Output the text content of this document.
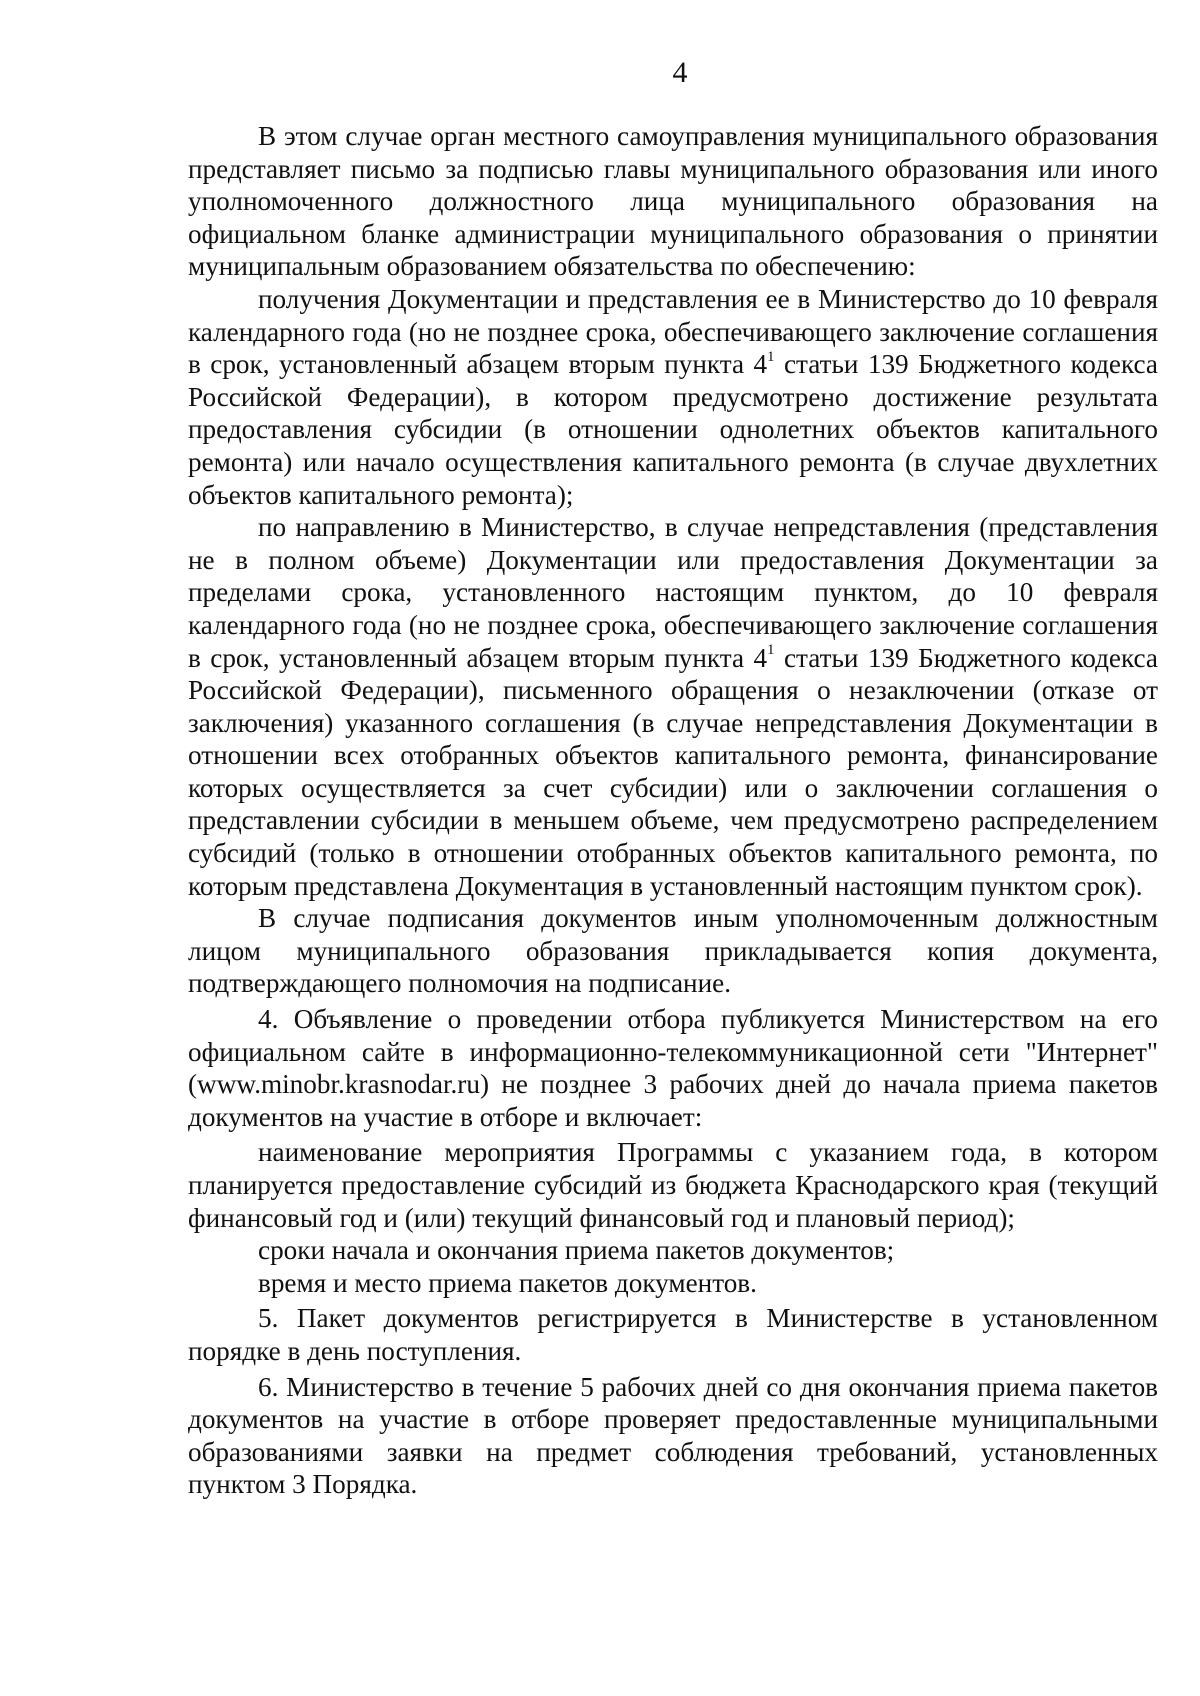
4

В этом случае орган местного самоуправления муниципального образования представляет письмо за подписью главы муниципального образования или иного уполномоченного должностного лица муниципального образования на официальном бланке администрации муниципального образования о принятии муниципальным образованием обязательства по обеспечению:

получения Документации и представления ее в Министерство до 10 февраля календарного года (но не позднее срока, обеспечивающего заключение соглашения в срок, установленный абзацем вторым пункта $4^1$ статьи 139 Бюджетного кодекса Российской Федерации), в котором предусмотрено достижение результата предоставления субсидии (в отношении однолетних объектов капитального ремонта) или начало осуществления капитального ремонта (в случае двухлетних объектов капитального ремонта);

по направлению в Министерство, в случае непредставления (представления не в полном объеме) Документации или предоставления Документации за пределами срока, установленного настоящим пунктом, до 10 февраля календарного года (но не позднее срока, обеспечивающего заключение соглашения в срок, установленный абзацем вторым пункта $4^1$ статьи 139 Бюджетного кодекса Российской Федерации), письменного обращения о незаключении (отказе от заключения) указанного соглашения (в случае непредставления Документации в отношении всех отобранных объектов капитального ремонта, финансирование которых осуществляется за счет субсидии) или о заключении соглашения о представлении субсидии в меньшем объеме, чем предусмотрено распределением субсидий (только в отношении отобранных объектов капитального ремонта, по которым представлена Документация в установленный настоящим пунктом срок).

В случае подписания документов иным уполномоченным должностным лицом муниципального образования прикладывается копия документа, подтверждающего полномочия на подписание.

4. Объявление о проведении отбора публикуется Министерством на его официальном сайте в информационно-телекоммуникационной сети "Интернет" (www.minobr.krasnodar.ru) не позднее 3 рабочих дней до начала приема пакетов документов на участие в отборе и включает:

наименование мероприятия Программы с указанием года, в котором планируется предоставление субсидий из бюджета Краснодарского края (текущий финансовый год и (или) текущий финансовый год и плановый период);

сроки начала и окончания приема пакетов документов;

время и место приема пакетов документов.

5. Пакет документов регистрируется в Министерстве в установленном порядке в день поступления.

6. Министерство в течение 5 рабочих дней со дня окончания приема пакетов документов на участие в отборе проверяет предоставленные муниципальными образованиями заявки на предмет соблюдения требований, установленных пунктом 3 Порядка.
